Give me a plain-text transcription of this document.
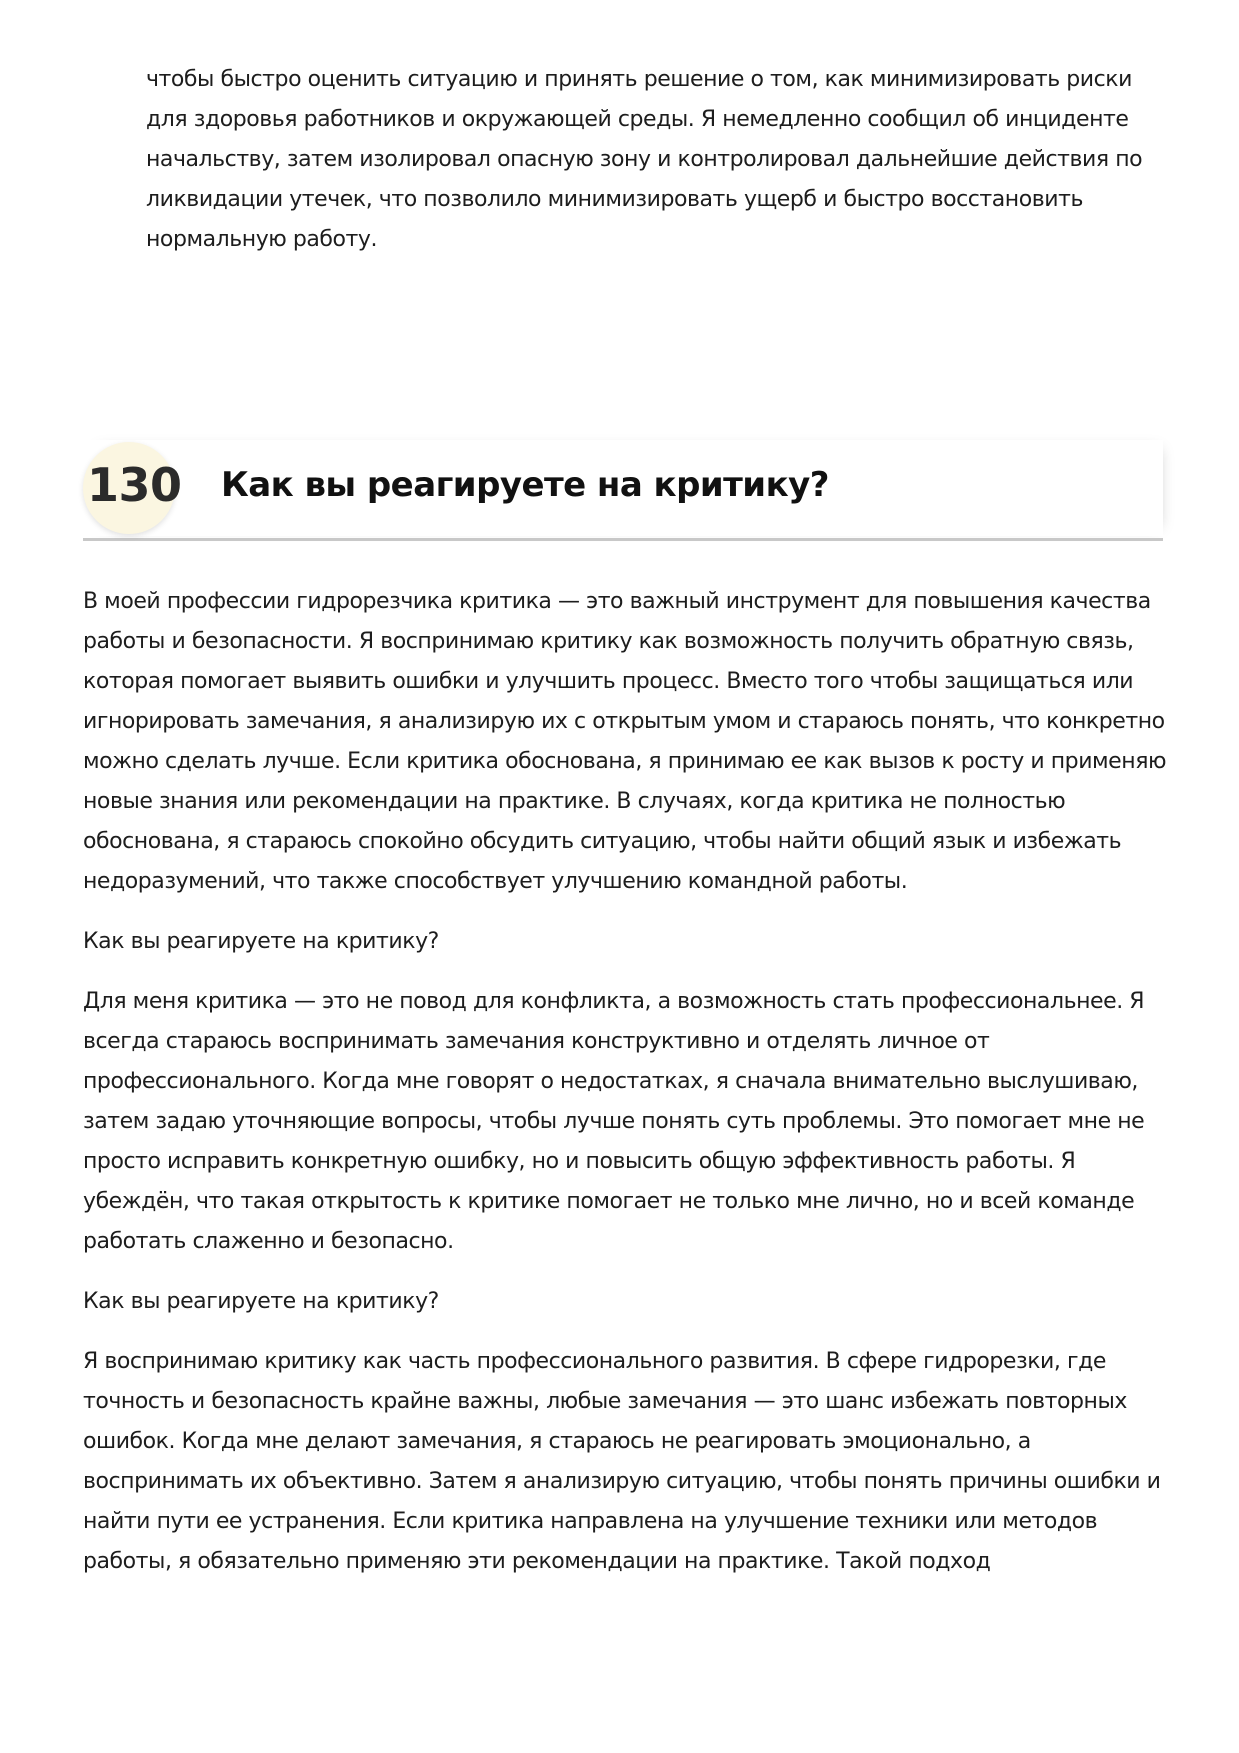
чтобы быстро оценить ситуацию и принять решение о том, как минимизировать риски для здоровья работников и окружающей среды. Я немедленно сообщил об инциденте начальству, затем изолировал опасную зону и контролировал дальнейшие действия по ликвидации утечек, что позволило минимизировать ущерб и быстро восстановить нормальную работу.

130 Как вы реагируете на критику?

В моей профессии гидрорезчика критика — это важный инструмент для повышения качества работы и безопасности. Я воспринимаю критику как возможность получить обратную связь, которая помогает выявить ошибки и улучшить процесс. Вместо того чтобы защищаться или игнорировать замечания, я анализирую их с открытым умом и стараюсь понять, что конкретно можно сделать лучше. Если критика обоснована, я принимаю ее как вызов к росту и применяю новые знания или рекомендации на практике. В случаях, когда критика не полностью обоснована, я стараюсь спокойно обсудить ситуацию, чтобы найти общий язык и избежать недоразумений, что также способствует улучшению командной работы.

Как вы реагируете на критику?

Для меня критика — это не повод для конфликта, а возможность стать профессиональнее. Я всегда стараюсь воспринимать замечания конструктивно и отделять личное от профессионального. Когда мне говорят о недостатках, я сначала внимательно выслушиваю, затем задаю уточняющие вопросы, чтобы лучше понять суть проблемы. Это помогает мне не просто исправить конкретную ошибку, но и повысить общую эффективность работы. Я убеждён, что такая открытость к критике помогает не только мне лично, но и всей команде работать слаженно и безопасно.

Как вы реагируете на критику?

Я воспринимаю критику как часть профессионального развития. В сфере гидрорезки, где точность и безопасность крайне важны, любые замечания — это шанс избежать повторных ошибок. Когда мне делают замечания, я стараюсь не реагировать эмоционально, а воспринимать их объективно. Затем я анализирую ситуацию, чтобы понять причины ошибки и найти пути ее устранения. Если критика направлена на улучшение техники или методов работы, я обязательно применяю эти рекомендации на практике. Такой подход
